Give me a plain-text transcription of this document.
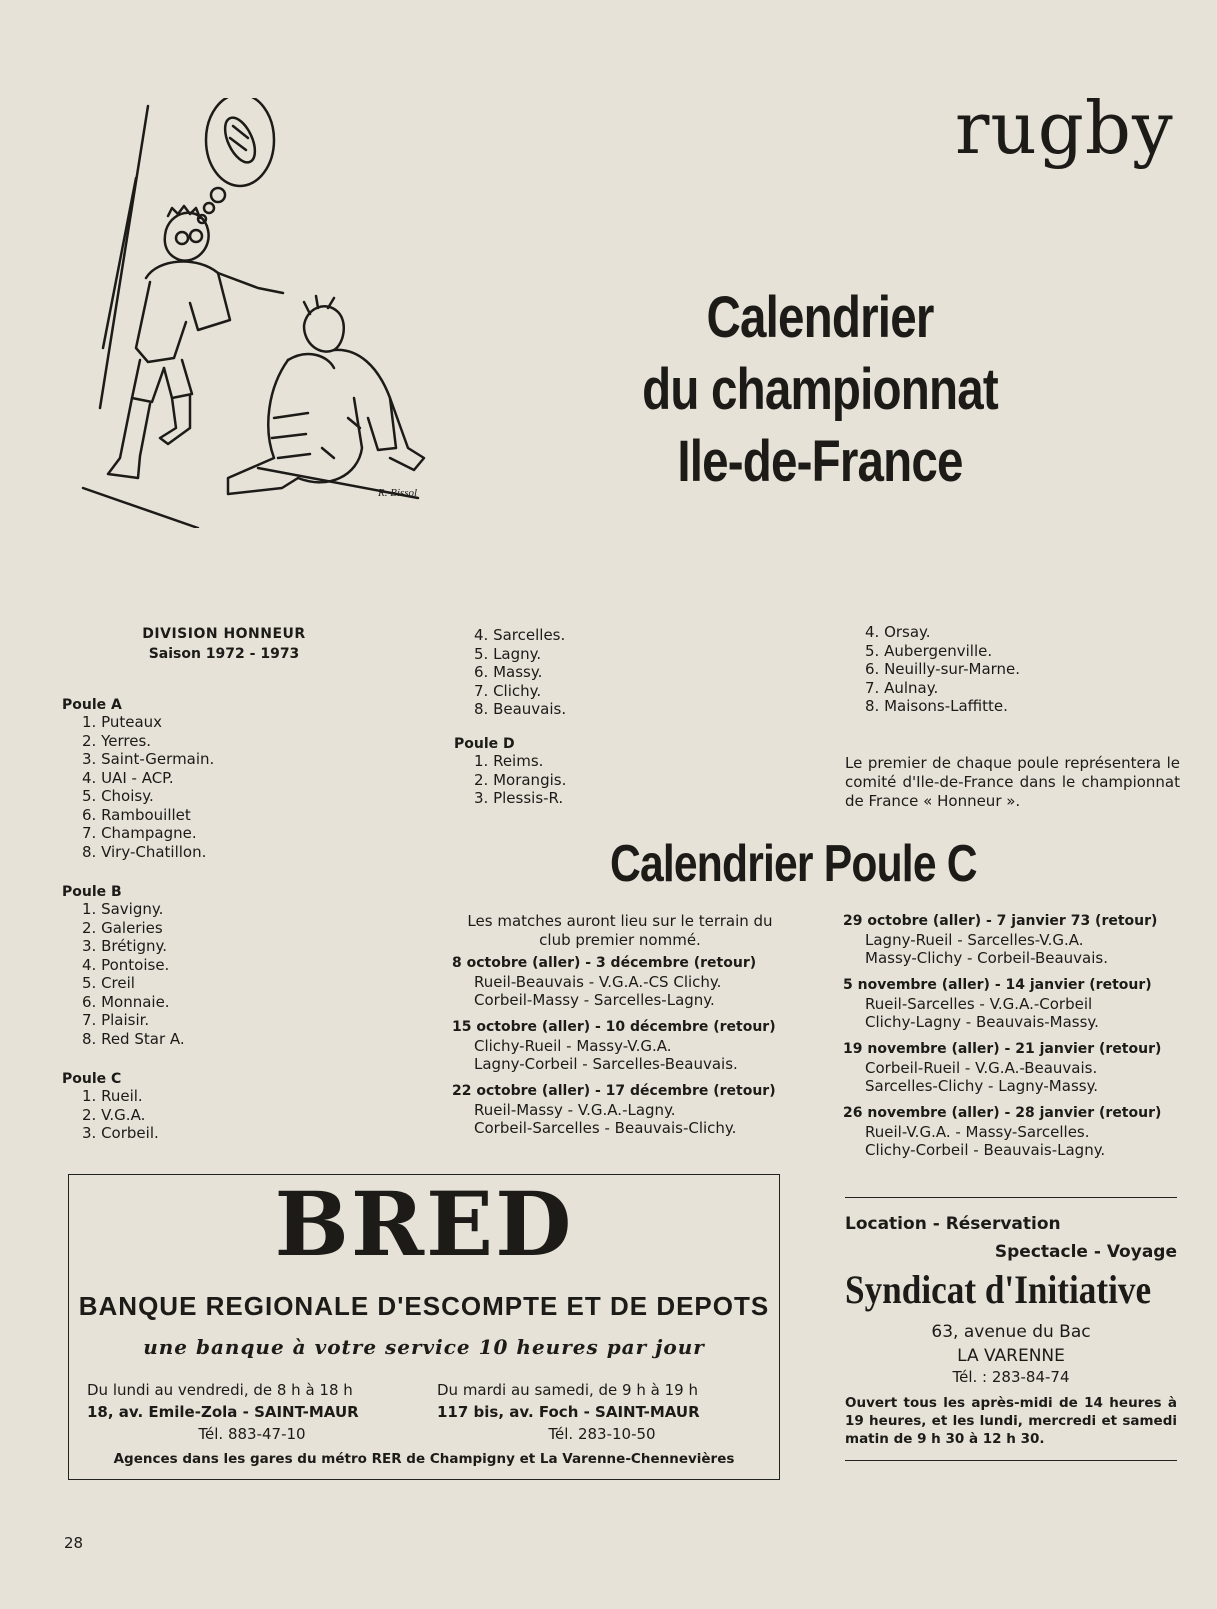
rugby
R. Bissol
Calendrier
du championnat
Ile-de-France
DIVISION HONNEUR
Saison 1972 - 1973
Poule A
1. Puteaux
2. Yerres.
3. Saint-Germain.
4. UAI - ACP.
5. Choisy.
6. Rambouillet
7. Champagne.
8. Viry-Chatillon.
Poule B
1. Savigny.
2. Galeries
3. Brétigny.
4. Pontoise.
5. Creil
6. Monnaie.
7. Plaisir.
8. Red Star A.
Poule C
1. Rueil.
2. V.G.A.
3. Corbeil.
4. Sarcelles.
5. Lagny.
6. Massy.
7. Clichy.
8. Beauvais.
Poule D
1. Reims.
2. Morangis.
3. Plessis-R.
4. Orsay.
5. Aubergenville.
6. Neuilly-sur-Marne.
7. Aulnay.
8. Maisons-Laffitte.
Le premier de chaque poule représentera le comité d'Ile-de-France dans le championnat de France « Honneur ».
Calendrier Poule C
Les matches auront lieu sur le terrain du club premier nommé.
8 octobre (aller) - 3 décembre (retour)
Rueil-Beauvais - V.G.A.-CS Clichy.
Corbeil-Massy - Sarcelles-Lagny.
15 octobre (aller) - 10 décembre (retour)
Clichy-Rueil - Massy-V.G.A.
Lagny-Corbeil - Sarcelles-Beauvais.
22 octobre (aller) - 17 décembre (retour)
Rueil-Massy - V.G.A.-Lagny.
Corbeil-Sarcelles - Beauvais-Clichy.
29 octobre (aller) - 7 janvier 73 (retour)
Lagny-Rueil - Sarcelles-V.G.A.
Massy-Clichy - Corbeil-Beauvais.
5 novembre (aller) - 14 janvier (retour)
Rueil-Sarcelles - V.G.A.-Corbeil
Clichy-Lagny - Beauvais-Massy.
19 novembre (aller) - 21 janvier (retour)
Corbeil-Rueil - V.G.A.-Beauvais.
Sarcelles-Clichy - Lagny-Massy.
26 novembre (aller) - 28 janvier (retour)
Rueil-V.G.A. - Massy-Sarcelles.
Clichy-Corbeil - Beauvais-Lagny.
BRED
BANQUE REGIONALE D'ESCOMPTE ET DE DEPOTS
une banque à votre service 10 heures par jour
Du lundi au vendredi, de 8 h à 18 h
18, av. Emile-Zola - SAINT-MAUR
Tél. 883-47-10
Du mardi au samedi, de 9 h à 19 h
117 bis, av. Foch - SAINT-MAUR
Tél. 283-10-50
Agences dans les gares du métro RER de Champigny et La Varenne-Chennevières
Location - Réservation
Spectacle - Voyage
Syndicat d'Initiative
63, avenue du Bac
LA VARENNE
Tél. : 283-84-74
Ouvert tous les après-midi de 14 heures à 19 heures, et les lundi, mercredi et samedi matin de 9 h 30 à 12 h 30.
28
